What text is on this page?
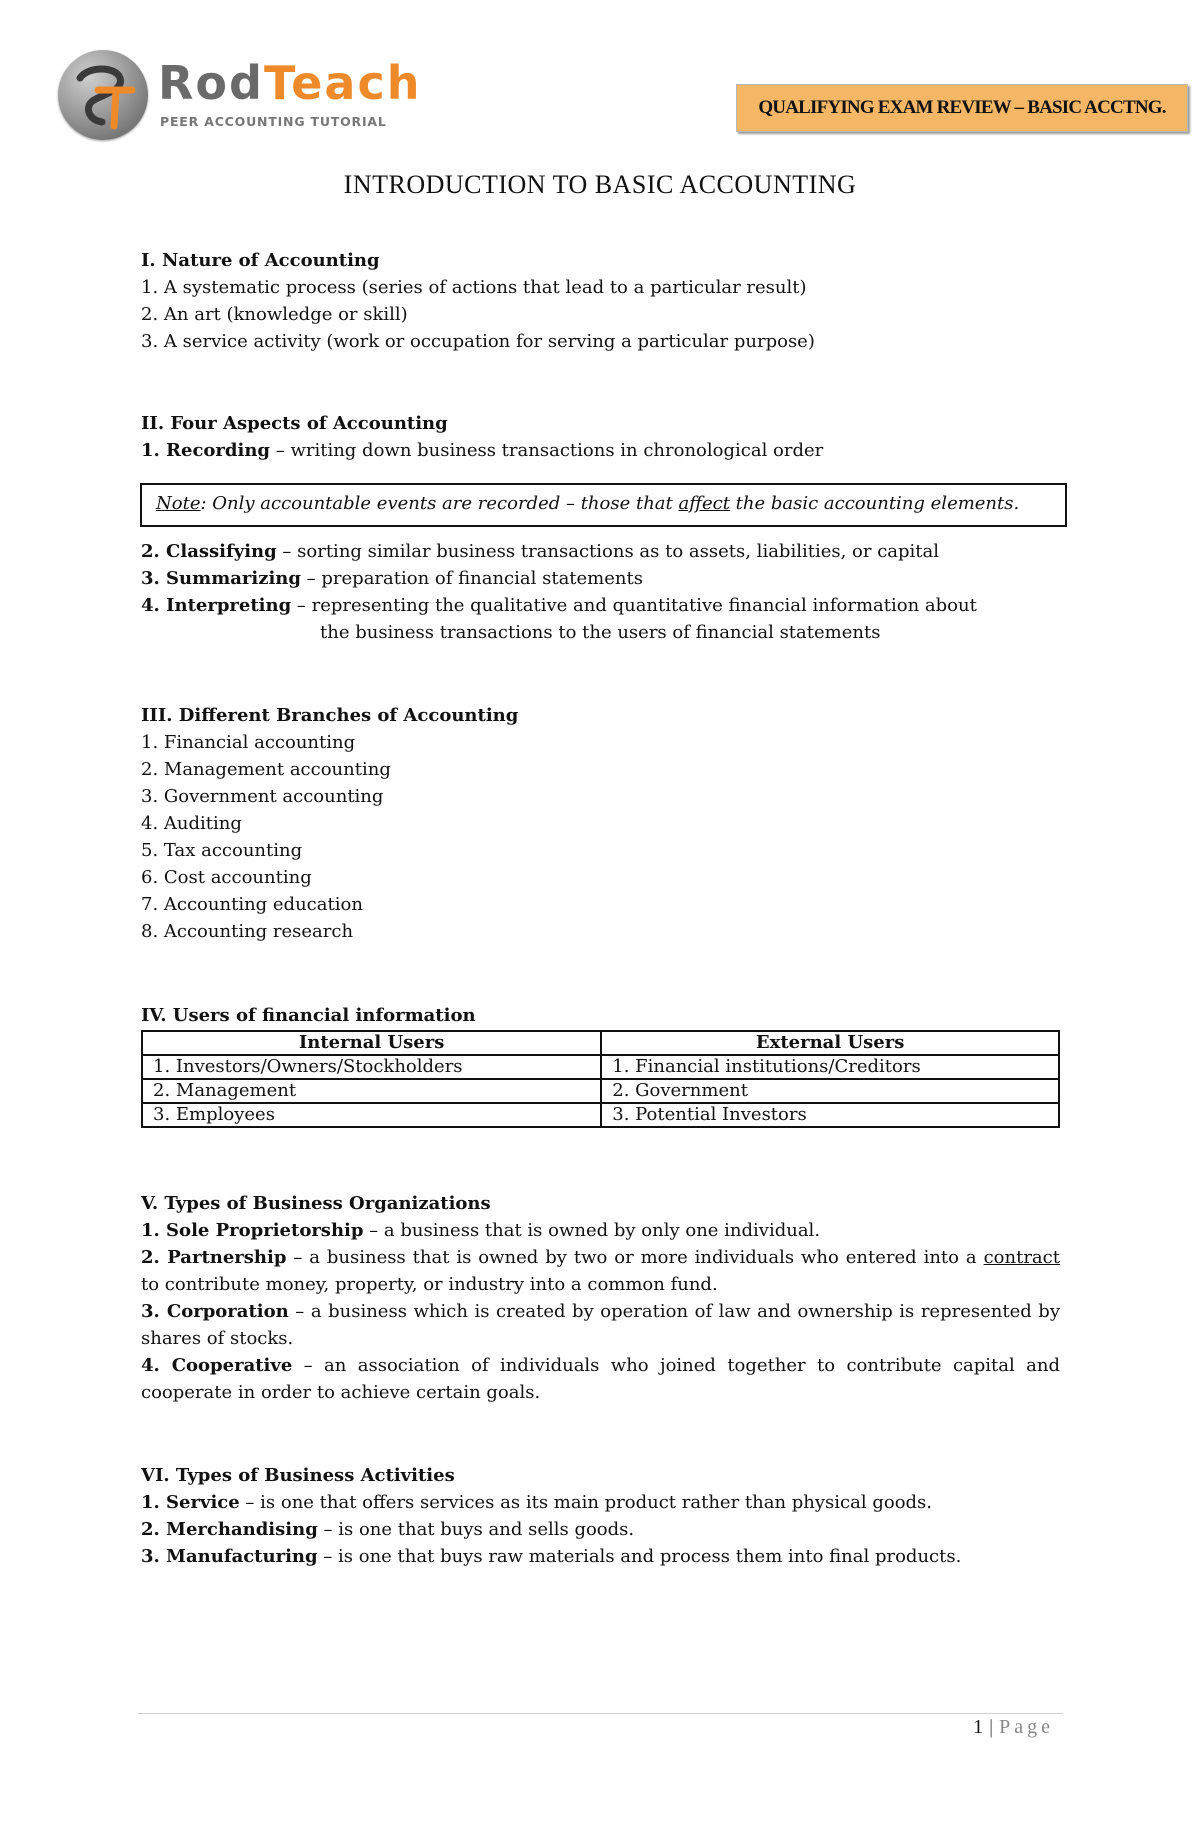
RodTeach
PEER ACCOUNTING TUTORIAL
QUALIFYING EXAM REVIEW – BASIC ACCTNG.
INTRODUCTION TO BASIC ACCOUNTING
I. Nature of Accounting
1. A systematic process (series of actions that lead to a particular result)
2. An art (knowledge or skill)
3. A service activity (work or occupation for serving a particular purpose)
II. Four Aspects of Accounting
1. Recording – writing down business transactions in chronological order
Note: Only accountable events are recorded – those that affect the basic accounting elements.
2. Classifying – sorting similar business transactions as to assets, liabilities, or capital
3. Summarizing – preparation of financial statements
4. Interpreting – representing the qualitative and quantitative financial information about
the business transactions to the users of financial statements
III. Different Branches of Accounting
1. Financial accounting
2. Management accounting
3. Government accounting
4. Auditing
5. Tax accounting
6. Cost accounting
7. Accounting education
8. Accounting research
IV. Users of financial information
Internal Users	External Users
1. Investors/Owners/Stockholders	1. Financial institutions/Creditors
2. Management	2. Government
3. Employees	3. Potential Investors
V. Types of Business Organizations
1. Sole Proprietorship – a business that is owned by only one individual.
2. Partnership – a business that is owned by two or more individuals who entered into a contract to contribute money, property, or industry into a common fund.
3. Corporation – a business which is created by operation of law and ownership is represented by shares of stocks.
4. Cooperative – an association of individuals who joined together to contribute capital and cooperate in order to achieve certain goals.
VI. Types of Business Activities
1. Service – is one that offers services as its main product rather than physical goods.
2. Merchandising – is one that buys and sells goods.
3. Manufacturing – is one that buys raw materials and process them into final products.
1 | Page
